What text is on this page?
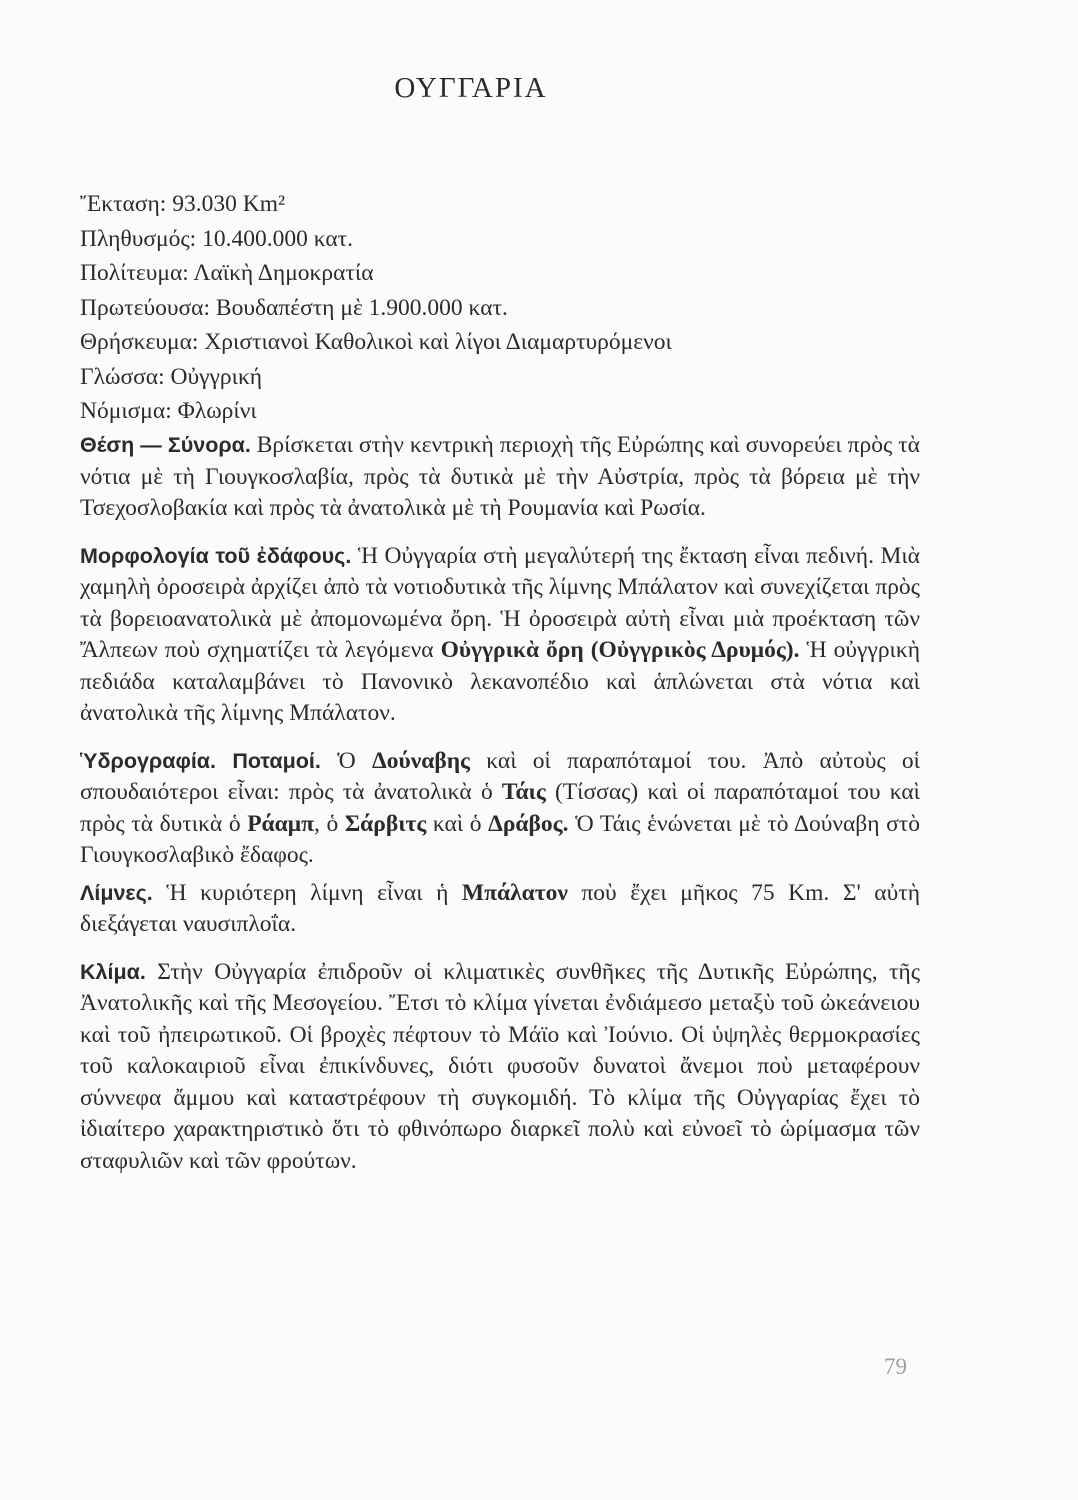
ΟΥΓΓΑΡΙΑ
Ἔκταση: 93.030 Km²
Πληθυσμός: 10.400.000 κατ.
Πολίτευμα: Λαϊκὴ Δημοκρατία
Πρωτεύουσα: Βουδαπέστη μὲ 1.900.000 κατ.
Θρήσκευμα: Χριστιανοὶ Καθολικοὶ καὶ λίγοι Διαμαρτυρόμενοι
Γλώσσα: Οὐγγρική
Νόμισμα: Φλωρίνι

Θέση — Σύνορα. Βρίσκεται στὴν κεντρικὴ περιοχὴ τῆς Εὐρώπης καὶ συνορεύει πρὸς τὰ νότια μὲ τὴ Γιουγκοσλαβία, πρὸς τὰ δυτικὰ μὲ τὴν Αὐστρία, πρὸς τὰ βόρεια μὲ τὴν Τσεχοσλοβακία καὶ πρὸς τὰ ἀνατολικὰ μὲ τὴ Ρουμανία καὶ Ρωσία.

Μορφολογία τοῦ ἐδάφους. Ἡ Οὐγγαρία στὴ μεγαλύτερή της ἔκταση εἶναι πεδινή. Μιὰ χαμηλὴ ὀροσειρὰ ἀρχίζει ἀπὸ τὰ νοτιοδυτικὰ τῆς λίμνης Μπάλατον καὶ συνεχίζεται πρὸς τὰ βορειοανατολικὰ μὲ ἀπομονωμένα ὄρη. Ἡ ὀροσειρὰ αὐτὴ εἶναι μιὰ προέκταση τῶν Ἄλπεων ποὺ σχηματίζει τὰ λεγόμενα Οὐγγρικὰ ὄρη (Οὐγγρικὸς Δρυμός). Ἡ οὐγγρικὴ πεδιάδα καταλαμβάνει τὸ Πανονικὸ λεκανοπέδιο καὶ ἁπλώνεται στὰ νότια καὶ ἀνατολικὰ τῆς λίμνης Μπάλατον.

Ὑδρογραφία. Ποταμοί. Ὁ Δούναβης καὶ οἱ παραπόταμοί του. Ἀπὸ αὐτοὺς οἱ σπουδαιότεροι εἶναι: πρὸς τὰ ἀνατολικὰ ὁ Τάις (Τίσσας) καὶ οἱ παραπόταμοί του καὶ πρὸς τὰ δυτικὰ ὁ Ράαμπ, ὁ Σάρβιτς καὶ ὁ Δράβος. Ὁ Τάις ἑνώνεται μὲ τὸ Δούναβη στὸ Γιουγκοσλαβικὸ ἔδαφος.

Λίμνες. Ἡ κυριότερη λίμνη εἶναι ἡ Μπάλατον ποὺ ἔχει μῆκος 75 Km. Σ' αὐτὴ διεξάγεται ναυσιπλοΐα.

Κλίμα. Στὴν Οὐγγαρία ἐπιδροῦν οἱ κλιματικὲς συνθῆκες τῆς Δυτικῆς Εὐρώπης, τῆς Ἀνατολικῆς καὶ τῆς Μεσογείου. Ἔτσι τὸ κλίμα γίνεται ἐνδιάμεσο μεταξὺ τοῦ ὠκεάνειου καὶ τοῦ ἠπειρωτικοῦ. Οἱ βροχὲς πέφτουν τὸ Μάϊο καὶ Ἰούνιο. Οἱ ὑψηλὲς θερμοκρασίες τοῦ καλοκαιριοῦ εἶναι ἐπικίνδυνες, διότι φυσοῦν δυνατοὶ ἄνεμοι ποὺ μεταφέρουν σύννεφα ἄμμου καὶ καταστρέφουν τὴ συγκομιδή. Τὸ κλίμα τῆς Οὐγγαρίας ἔχει τὸ ἰδιαίτερο χαρακτηριστικὸ ὅτι τὸ φθινόπωρο διαρκεῖ πολὺ καὶ εὐνοεῖ τὸ ὡρίμασμα τῶν σταφυλιῶν καὶ τῶν φρούτων.

79
